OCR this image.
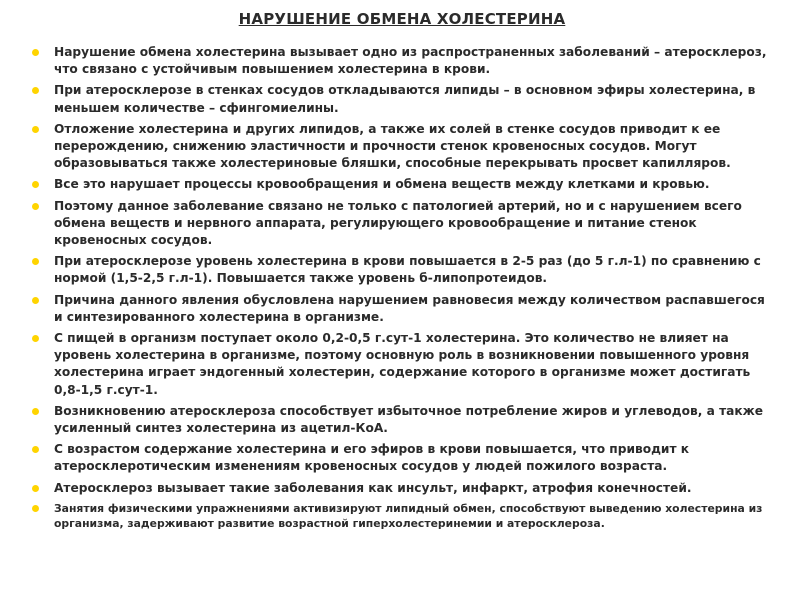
НАРУШЕНИЕ ОБМЕНА ХОЛЕСТЕРИНА
Нарушение обмена холестерина вызывает одно из распространенных заболеваний – атеросклероз, что связано с устойчивым повышением холестерина в крови.
При атеросклерозе в стенках сосудов откладываются липиды – в основном эфиры холестерина, в меньшем количестве – сфингомиелины.
Отложение холестерина и других липидов, а также их солей в стенке сосудов приводит к ее перерождению, снижению эластичности и прочности стенок кровеносных сосудов. Могут образовываться также холестериновые бляшки, способные перекрывать просвет капилляров.
Все это нарушает процессы кровообращения и обмена веществ между клетками и кровью.
Поэтому данное заболевание связано не только с патологией артерий, но и с нарушением всего обмена веществ и нервного аппарата, регулирующего кровообращение и питание стенок кровеносных сосудов.
При атеросклерозе уровень холестерина в крови повышается в 2-5 раз (до 5 г.л-1) по сравнению с нормой (1,5-2,5 г.л-1). Повышается также уровень б-липопротеидов.
Причина данного явления обусловлена нарушением равновесия между количеством распавшегося и синтезированного холестерина в организме.
С пищей в организм поступает около 0,2-0,5 г.сут-1 холестерина. Это количество не влияет на уровень холестерина в организме, поэтому основную роль в возникновении повышенного уровня холестерина играет эндогенный холестерин, содержание которого в организме может достигать 0,8-1,5 г.сут-1.
Возникновению атеросклероза способствует избыточное потребление жиров и углеводов, а также усиленный синтез холестерина из ацетил-КоА.
С возрастом содержание холестерина и его эфиров в крови повышается, что приводит к атеросклеротическим изменениям кровеносных сосудов у людей пожилого возраста.
Атеросклероз вызывает такие заболевания как инсульт, инфаркт, атрофия конечностей.
Занятия физическими упражнениями активизируют липидный обмен, способствуют выведению холестерина из организма, задерживают развитие возрастной гиперхолестеринемии и атеросклероза.
